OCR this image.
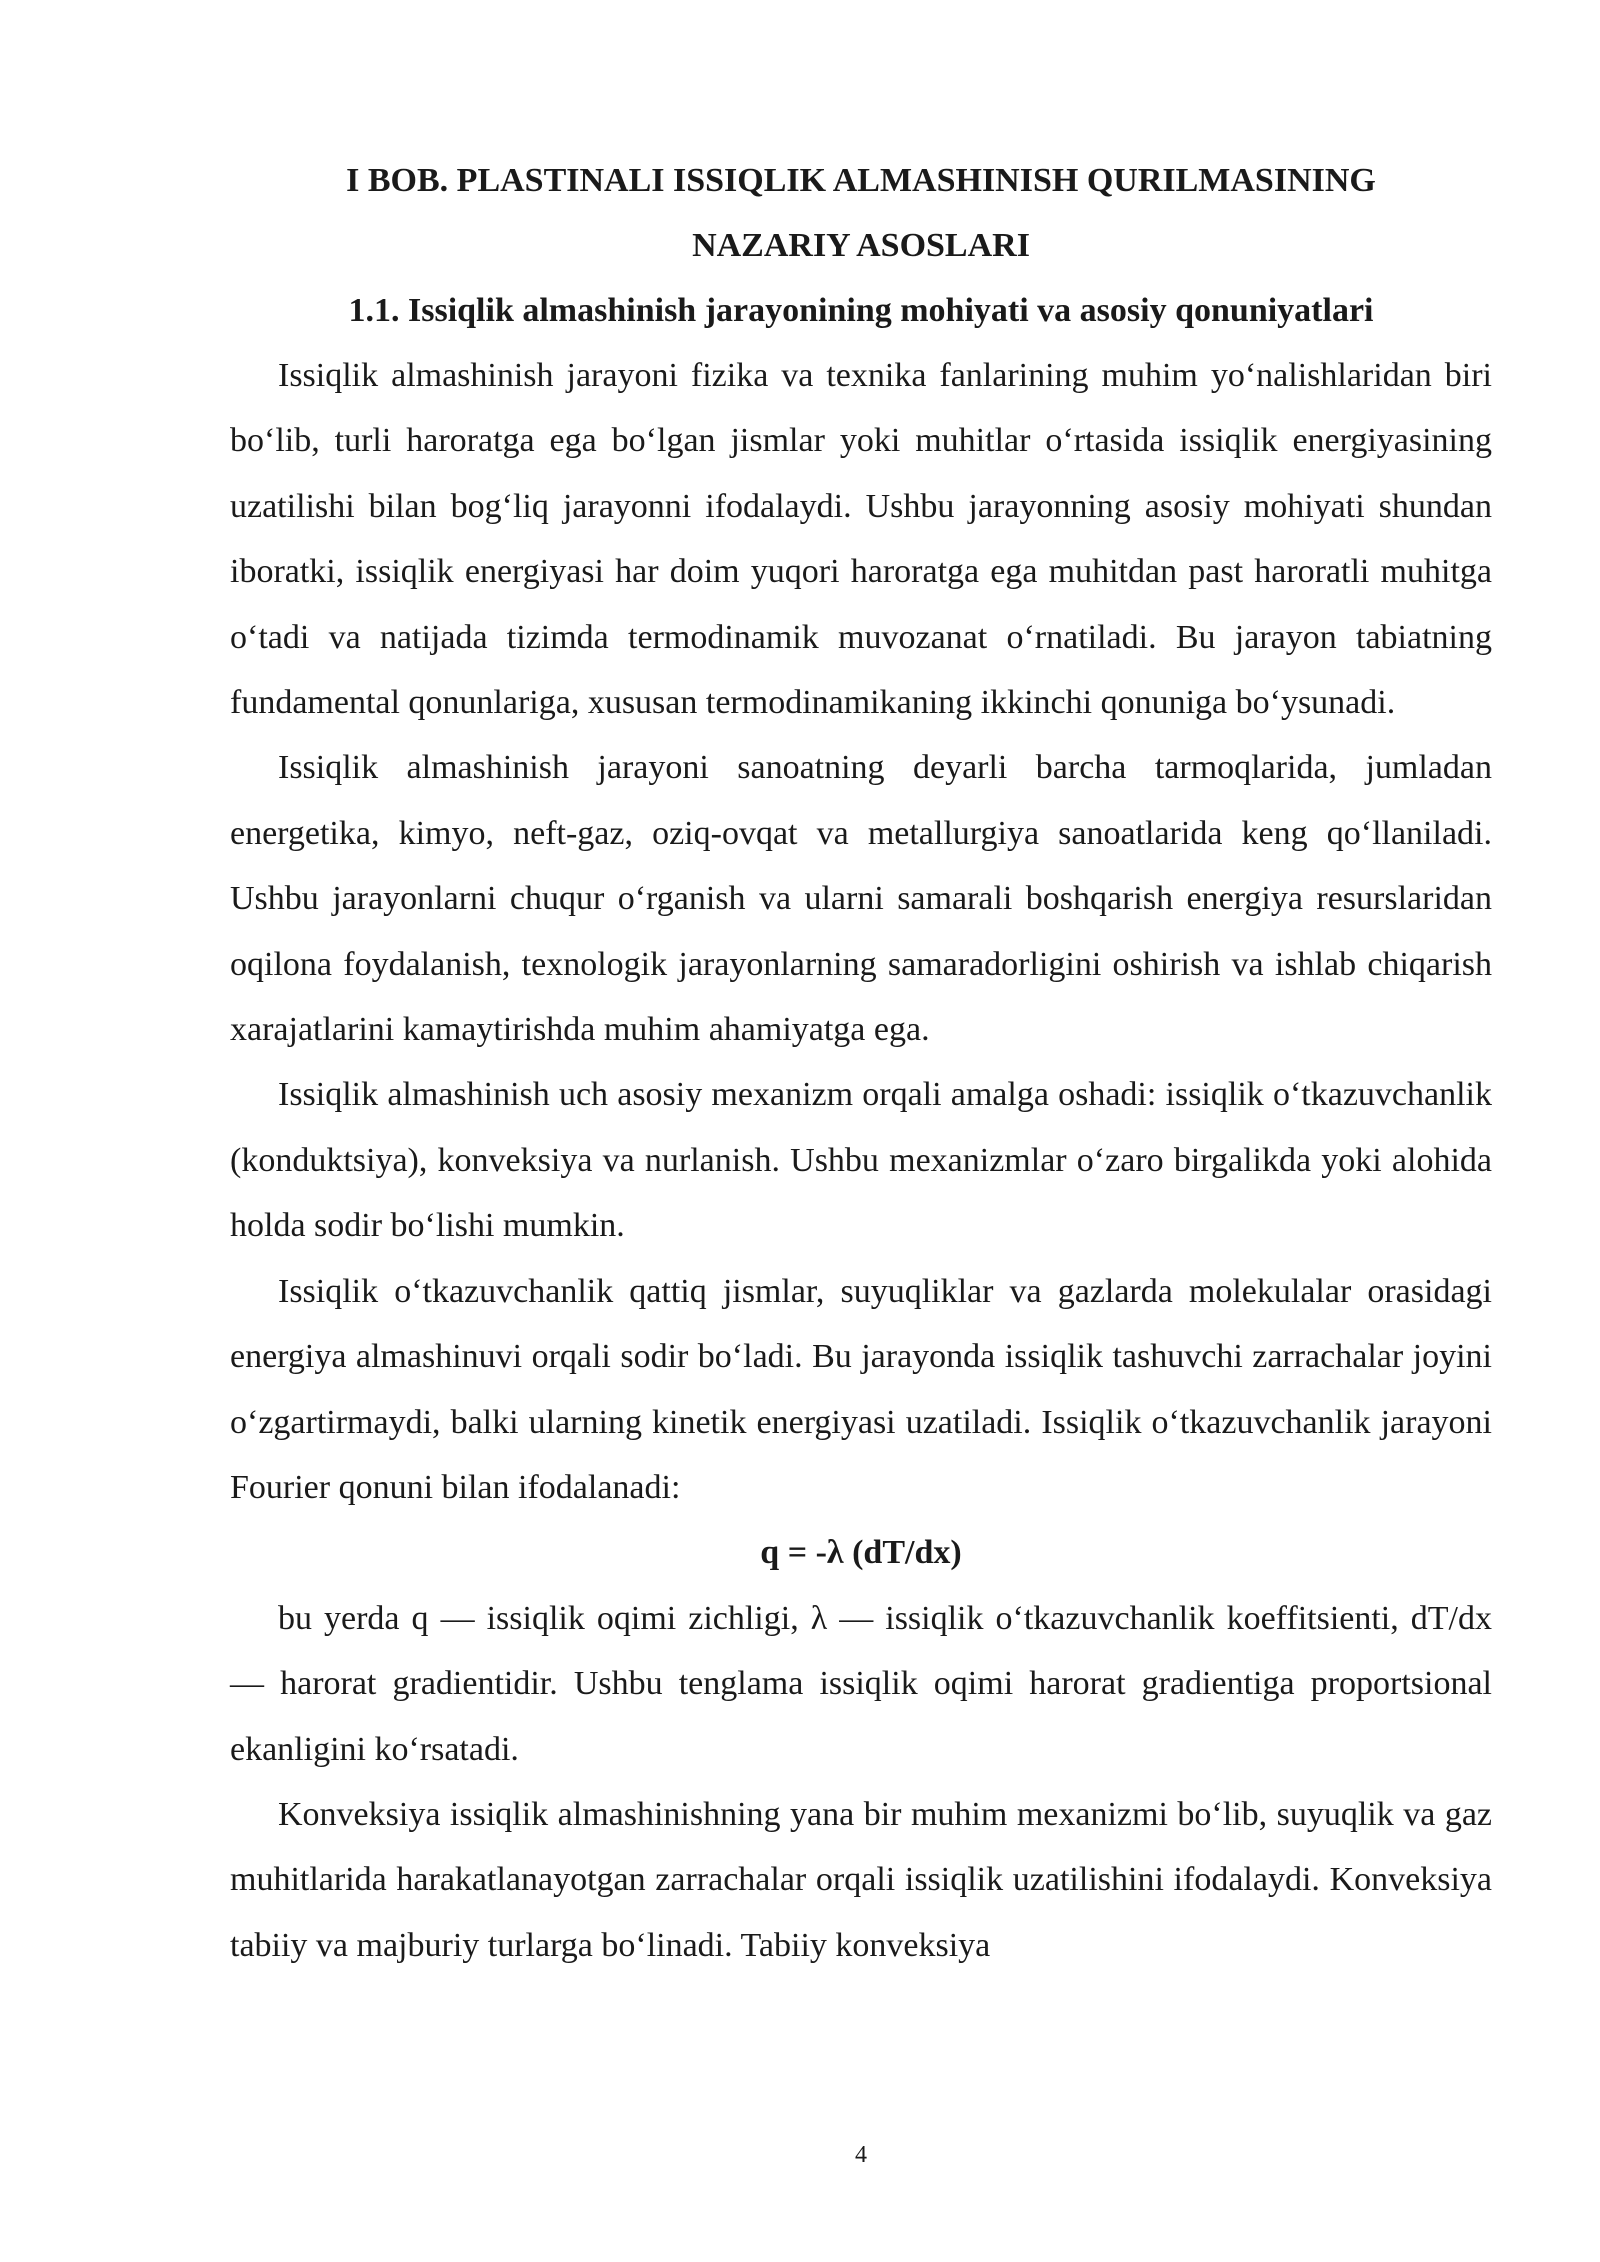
I BOB. PLASTINALI ISSIQLIK ALMASHINISH QURILMASINING
NAZARIY ASOSLARI
1.1. Issiqlik almashinish jarayonining mohiyati va asosiy qonuniyatlari

Issiqlik almashinish jarayoni fizika va texnika fanlarining muhim yo‘nalishlaridan biri bo‘lib, turli haroratga ega bo‘lgan jismlar yoki muhitlar o‘rtasida issiqlik energiyasining uzatilishi bilan bog‘liq jarayonni ifodalaydi. Ushbu jarayonning asosiy mohiyati shundan iboratki, issiqlik energiyasi har doim yuqori haroratga ega muhitdan past haroratli muhitga o‘tadi va natijada tizimda termodinamik muvozanat o‘rnatiladi. Bu jarayon tabiatning fundamental qonunlariga, xususan termodinamikaning ikkinchi qonuniga bo‘ysunadi.

Issiqlik almashinish jarayoni sanoatning deyarli barcha tarmoqlarida, jumladan energetika, kimyo, neft-gaz, oziq-ovqat va metallurgiya sanoatlarida keng qo‘llaniladi. Ushbu jarayonlarni chuqur o‘rganish va ularni samarali boshqarish energiya resurslaridan oqilona foydalanish, texnologik jarayonlarning samaradorligini oshirish va ishlab chiqarish xarajatlarini kamaytirishda muhim ahamiyatga ega.

Issiqlik almashinish uch asosiy mexanizm orqali amalga oshadi: issiqlik o‘tkazuvchanlik (konduktsiya), konveksiya va nurlanish. Ushbu mexanizmlar o‘zaro birgalikda yoki alohida holda sodir bo‘lishi mumkin.

Issiqlik o‘tkazuvchanlik qattiq jismlar, suyuqliklar va gazlarda molekulalar orasidagi energiya almashinuvi orqali sodir bo‘ladi. Bu jarayonda issiqlik tashuvchi zarrachalar joyini o‘zgartirmaydi, balki ularning kinetik energiyasi uzatiladi. Issiqlik o‘tkazuvchanlik jarayoni Fourier qonuni bilan ifodalanadi:

q = -λ (dT/dx)

bu yerda q — issiqlik oqimi zichligi, λ — issiqlik o‘tkazuvchanlik koeffitsienti, dT/dx — harorat gradientidir. Ushbu tenglama issiqlik oqimi harorat gradientiga proportsional ekanligini ko‘rsatadi.

Konveksiya issiqlik almashinishning yana bir muhim mexanizmi bo‘lib, suyuqlik va gaz muhitlarida harakatlanayotgan zarrachalar orqali issiqlik uzatilishini ifodalaydi. Konveksiya tabiiy va majburiy turlarga bo‘linadi. Tabiiy konveksiya

4
